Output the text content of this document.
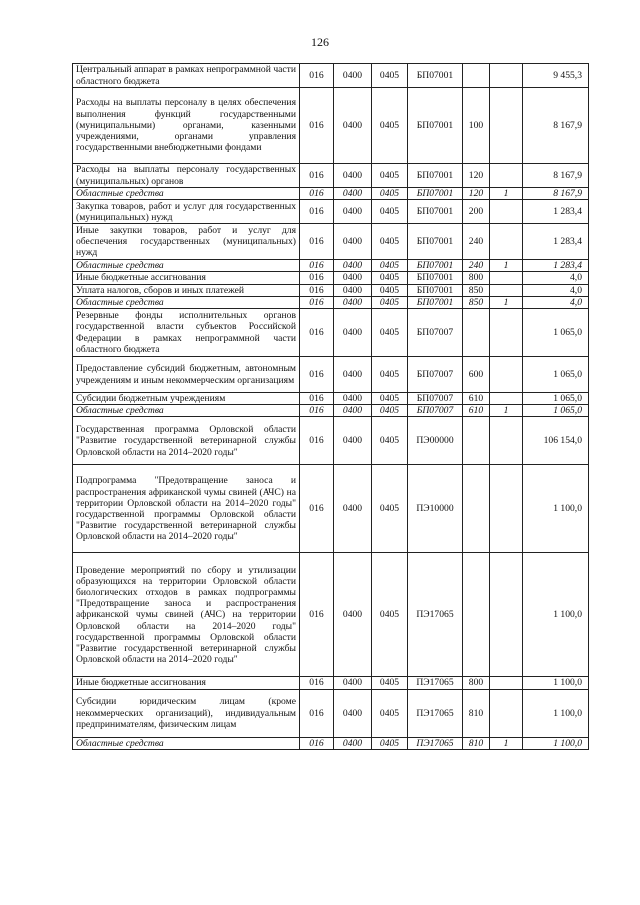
126
Центральный аппарат в рамках непрограммной части областного бюджета	016	0400	0405	БП07001			9 455,3
Расходы на выплаты персоналу в целях обеспечения выполнения функций государственными (муниципальными) органами, казенными учреждениями, органами управления государственными внебюджетными фондами	016	0400	0405	БП07001	100		8 167,9
Расходы на выплаты персоналу государственных (муниципальных) органов	016	0400	0405	БП07001	120		8 167,9
Областные средства	016	0400	0405	БП07001	120	1	8 167,9
Закупка товаров, работ и услуг для государственных (муниципальных) нужд	016	0400	0405	БП07001	200		1 283,4
Иные закупки товаров, работ и услуг для обеспечения государственных (муниципальных) нужд	016	0400	0405	БП07001	240		1 283,4
Областные средства	016	0400	0405	БП07001	240	1	1 283,4
Иные бюджетные ассигнования	016	0400	0405	БП07001	800		4,0
Уплата налогов, сборов и иных платежей	016	0400	0405	БП07001	850		4,0
Областные средства	016	0400	0405	БП07001	850	1	4,0
Резервные фонды исполнительных органов государственной власти субъектов Российской Федерации в рамках непрограммной части областного бюджета	016	0400	0405	БП07007			1 065,0
Предоставление субсидий бюджетным, автономным учреждениям и иным некоммерческим организациям	016	0400	0405	БП07007	600		1 065,0
Субсидии бюджетным учреждениям	016	0400	0405	БП07007	610		1 065,0
Областные средства	016	0400	0405	БП07007	610	1	1 065,0
Государственная программа Орловской области "Развитие государственной ветеринарной службы Орловской области на 2014–2020 годы"	016	0400	0405	ПЭ00000			106 154,0
Подпрограмма "Предотвращение заноса и распространения африканской чумы свиней (АЧС) на территории Орловской области на 2014–2020 годы" государственной программы Орловской области "Развитие государственной ветеринарной службы Орловской области на 2014–2020 годы"	016	0400	0405	ПЭ10000			1 100,0
Проведение мероприятий по сбору и утилизации образующихся на территории Орловской области биологических отходов в рамках подпрограммы "Предотвращение заноса и распространения африканской чумы свиней (АЧС) на территории Орловской области на 2014–2020 годы" государственной программы Орловской области "Развитие государственной ветеринарной службы Орловской области на 2014–2020 годы"	016	0400	0405	ПЭ17065			1 100,0
Иные бюджетные ассигнования	016	0400	0405	ПЭ17065	800		1 100,0
Субсидии юридическим лицам (кроме некоммерческих организаций), индивидуальным предпринимателям, физическим лицам	016	0400	0405	ПЭ17065	810		1 100,0
Областные средства	016	0400	0405	ПЭ17065	810	1	1 100,0
